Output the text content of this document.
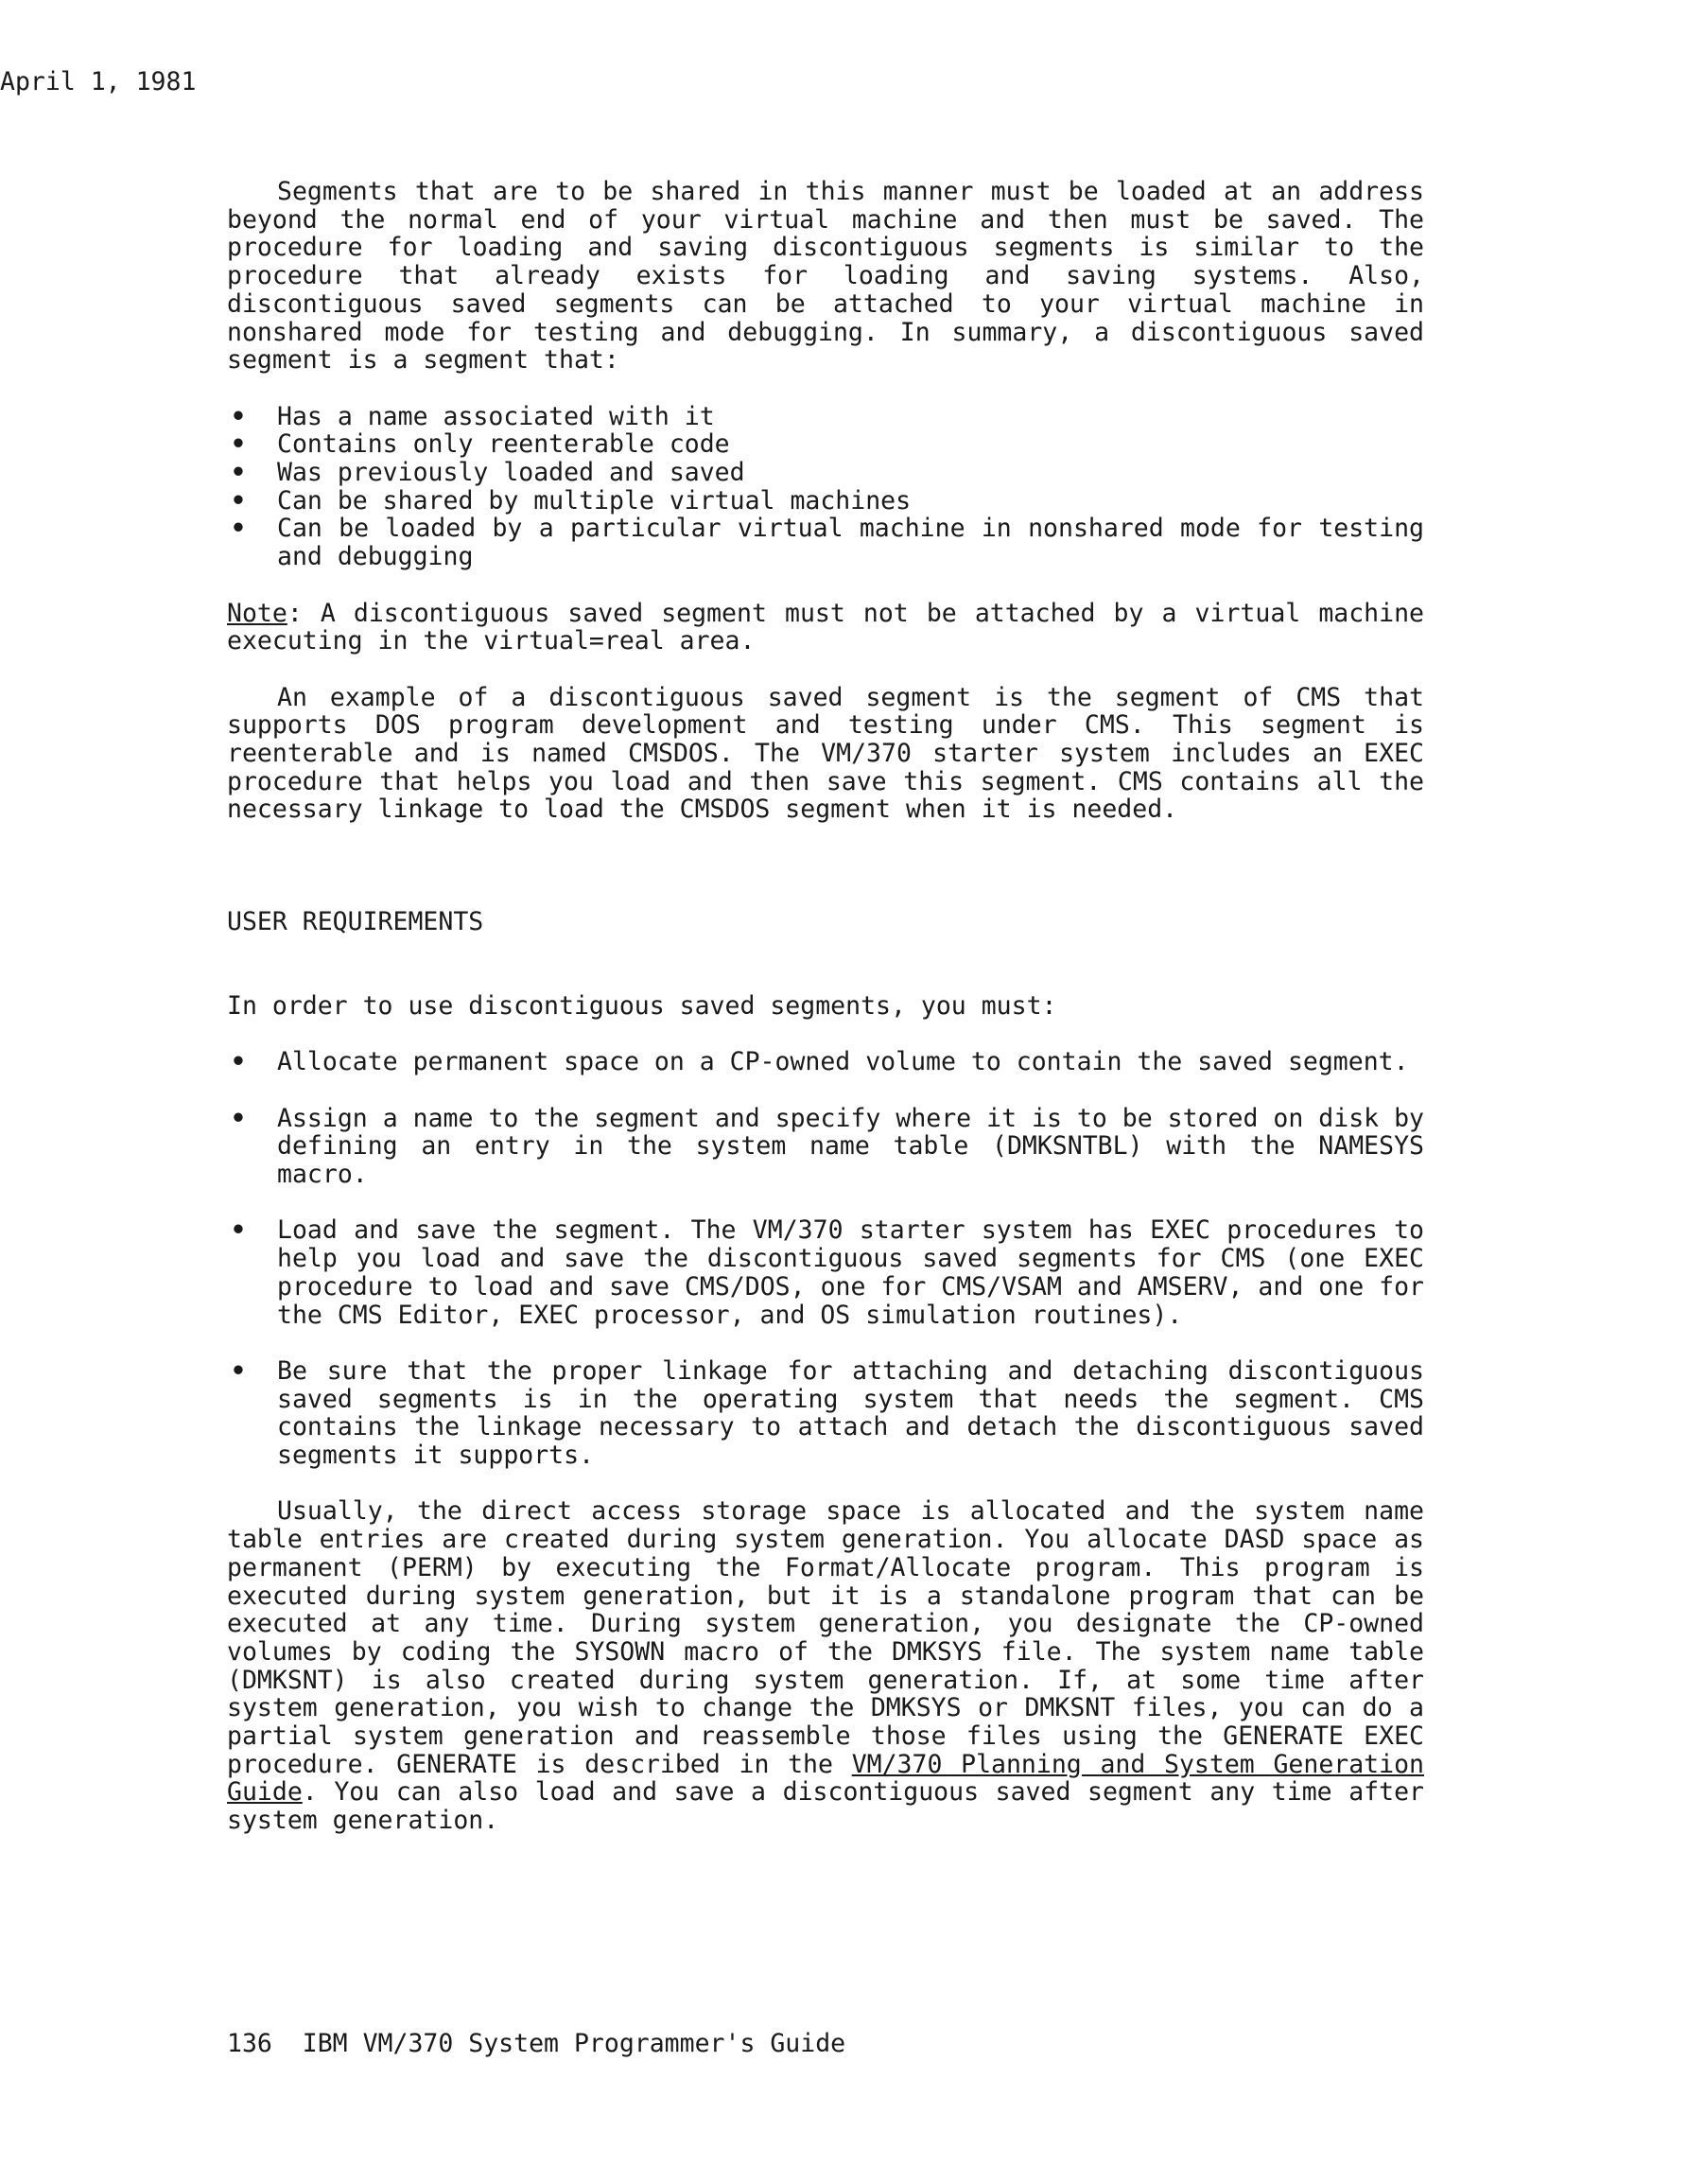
April 1, 1981

Segments that are to be shared in this manner must be loaded at an address beyond the normal end of your virtual machine and then must be saved. The procedure for loading and saving discontiguous segments is similar to the procedure that already exists for loading and saving systems. Also, discontiguous saved segments can be attached to your virtual machine in nonshared mode for testing and debugging. In summary, a discontiguous saved segment is a segment that:

• Has a name associated with it
• Contains only reenterable code
• Was previously loaded and saved
• Can be shared by multiple virtual machines
• Can be loaded by a particular virtual machine in nonshared mode for testing and debugging

Note: A discontiguous saved segment must not be attached by a virtual machine executing in the virtual=real area.

An example of a discontiguous saved segment is the segment of CMS that supports DOS program development and testing under CMS. This segment is reenterable and is named CMSDOS. The VM/370 starter system includes an EXEC procedure that helps you load and then save this segment. CMS contains all the necessary linkage to load the CMSDOS segment when it is needed.

USER REQUIREMENTS

In order to use discontiguous saved segments, you must:

• Allocate permanent space on a CP-owned volume to contain the saved segment.
• Assign a name to the segment and specify where it is to be stored on disk by defining an entry in the system name table (DMKSNTBL) with the NAMESYS macro.
• Load and save the segment. The VM/370 starter system has EXEC procedures to help you load and save the discontiguous saved segments for CMS (one EXEC procedure to load and save CMS/DOS, one for CMS/VSAM and AMSERV, and one for the CMS Editor, EXEC processor, and OS simulation routines).
• Be sure that the proper linkage for attaching and detaching discontiguous saved segments is in the operating system that needs the segment. CMS contains the linkage necessary to attach and detach the discontiguous saved segments it supports.

Usually, the direct access storage space is allocated and the system name table entries are created during system generation. You allocate DASD space as permanent (PERM) by executing the Format/Allocate program. This program is executed during system generation, but it is a standalone program that can be executed at any time. During system generation, you designate the CP-owned volumes by coding the SYSOWN macro of the DMKSYS file. The system name table (DMKSNT) is also created during system generation. If, at some time after system generation, you wish to change the DMKSYS or DMKSNT files, you can do a partial system generation and reassemble those files using the GENERATE EXEC procedure. GENERATE is described in the VM/370 Planning and System Generation Guide. You can also load and save a discontiguous saved segment any time after system generation.

136  IBM VM/370 System Programmer's Guide
